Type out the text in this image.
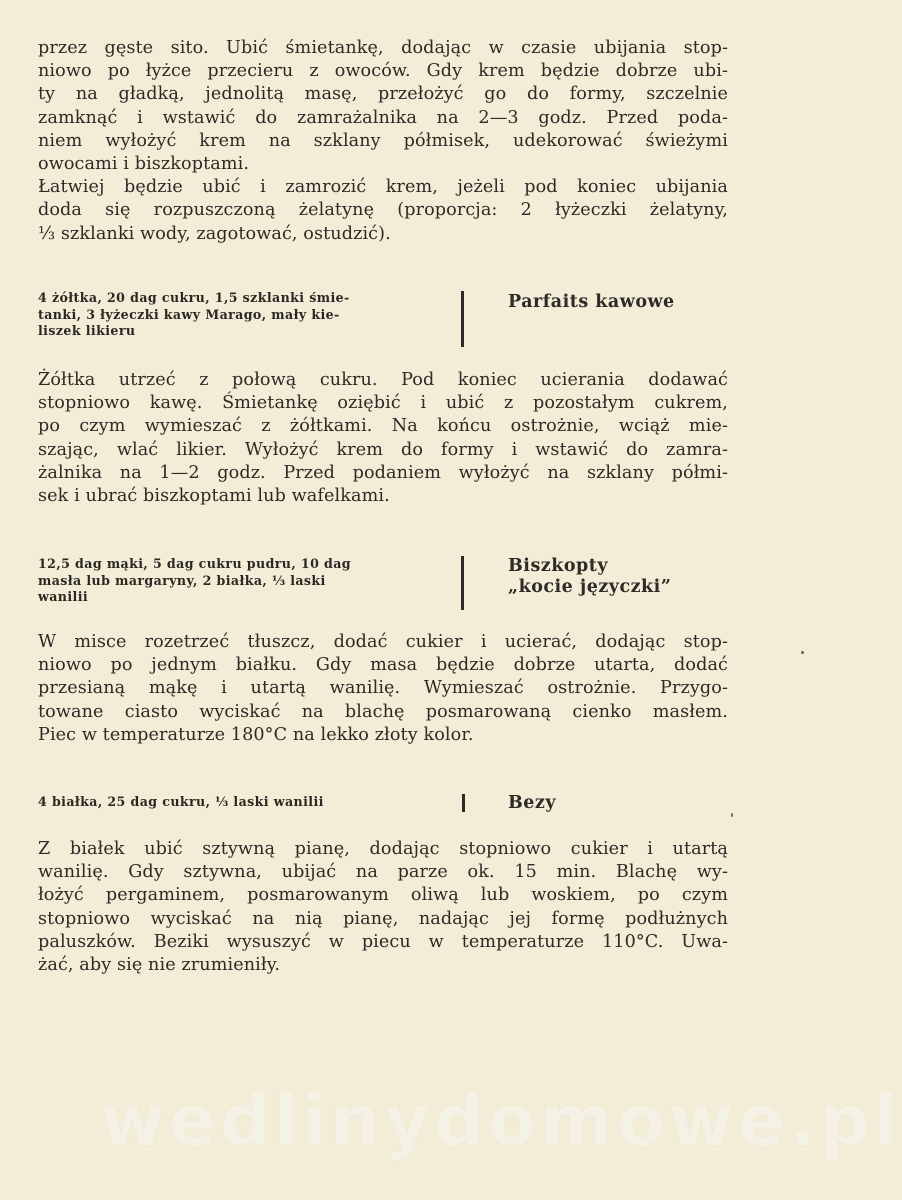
przez gęste sito. Ubić śmietankę, dodając w czasie ubijania stop-
niowo po łyżce przecieru z owoców. Gdy krem będzie dobrze ubi-
ty na gładką, jednolitą masę, przełożyć go do formy, szczelnie
zamknąć i wstawić do zamrażalnika na 2—3 godz. Przed poda-
niem wyłożyć krem na szklany półmisek, udekorować świeżymi
owocami i biszkoptami.
Łatwiej będzie ubić i zamrozić krem, jeżeli pod koniec ubijania
doda się rozpuszczoną żelatynę (proporcja: 2 łyżeczki żelatyny,
⅓ szklanki wody, zagotować, ostudzić).
4 żółtka, 20 dag cukru, 1,5 szklanki śmie-
tanki, 3 łyżeczki kawy Marago, mały kie-
liszek likieru
Parfaits kawowe
Żółtka utrzeć z połową cukru. Pod koniec ucierania dodawać
stopniowo kawę. Śmietankę oziębić i ubić z pozostałym cukrem,
po czym wymieszać z żółtkami. Na końcu ostrożnie, wciąż mie-
szając, wlać likier. Wyłożyć krem do formy i wstawić do zamra-
żalnika na 1—2 godz. Przed podaniem wyłożyć na szklany półmi-
sek i ubrać biszkoptami lub wafelkami.
12,5 dag mąki, 5 dag cukru pudru, 10 dag
masła lub margaryny, 2 białka, ⅓ laski
wanilii
Biszkopty
„kocie języczki”
W misce rozetrzeć tłuszcz, dodać cukier i ucierać, dodając stop-
niowo po jednym białku. Gdy masa będzie dobrze utarta, dodać
przesianą mąkę i utartą wanilię. Wymieszać ostrożnie. Przygo-
towane ciasto wyciskać na blachę posmarowaną cienko masłem.
Piec w temperaturze 180°C na lekko złoty kolor.
4 białka, 25 dag cukru, ⅓ laski wanilii	Bezy
Z białek ubić sztywną pianę, dodając stopniowo cukier i utartą
wanilię. Gdy sztywna, ubijać na parze ok. 15 min. Blachę wy-
łożyć pergaminem, posmarowanym oliwą lub woskiem, po czym
stopniowo wyciskać na nią pianę, nadając jej formę podłużnych
paluszków. Beziki wysuszyć w piecu w temperaturze 110°C. Uwa-
żać, aby się nie zrumieniły.
wedlinydomowe.pl
